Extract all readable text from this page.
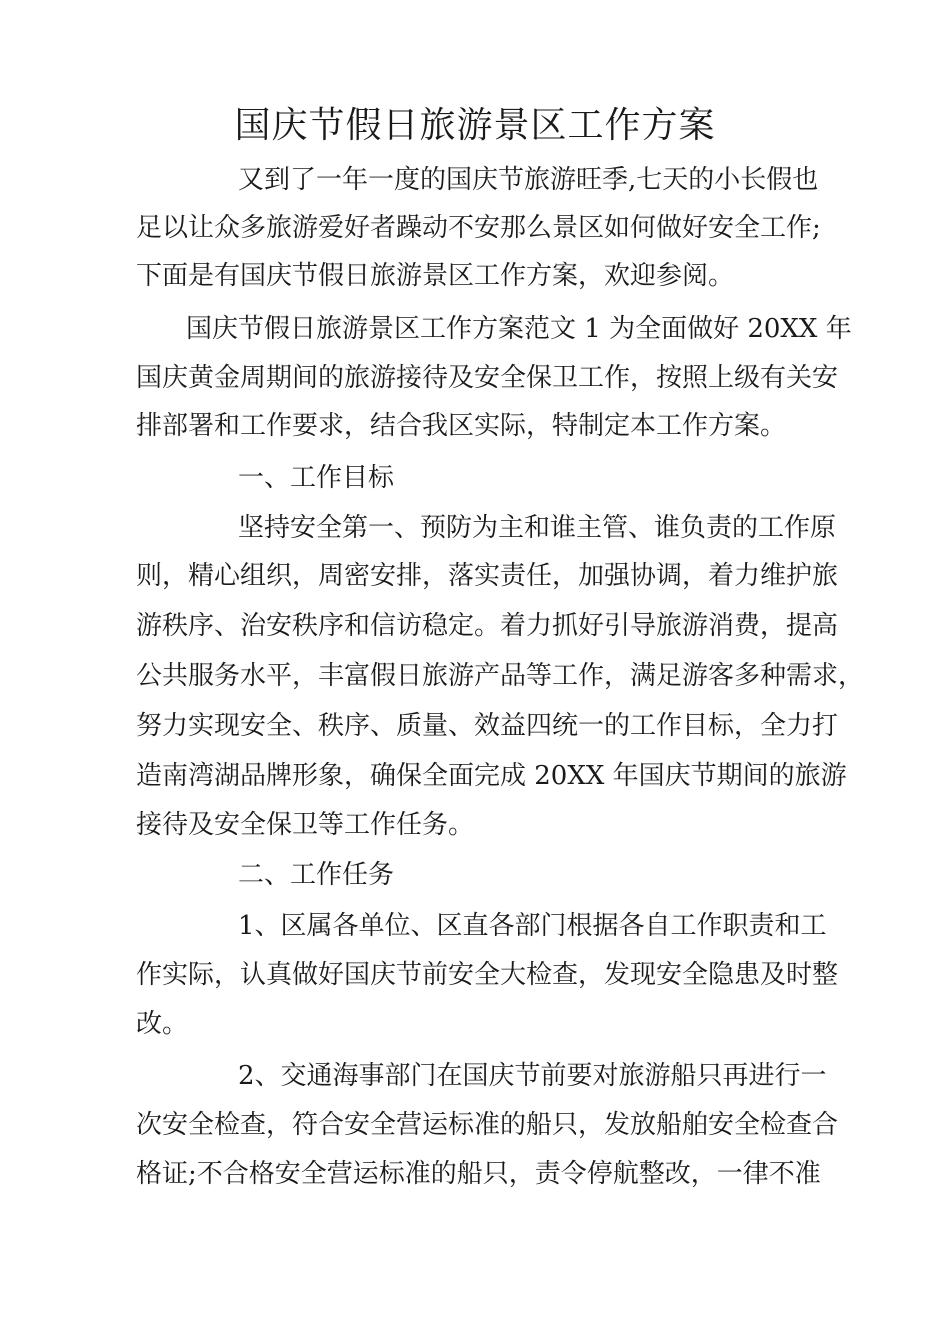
国庆节假日旅游景区工作方案

又到了一年一度的国庆节旅游旺季,七天的小长假也

足以让众多旅游爱好者躁动不安那么景区如何做好安全工作;

下面是有国庆节假日旅游景区工作方案，欢迎参阅。

国庆节假日旅游景区工作方案范文 1 为全面做好 20XX 年

国庆黄金周期间的旅游接待及安全保卫工作，按照上级有关安

排部署和工作要求，结合我区实际，特制定本工作方案。

一、工作目标

坚持安全第一、预防为主和谁主管、谁负责的工作原

则，精心组织，周密安排，落实责任，加强协调，着力维护旅

游秩序、治安秩序和信访稳定。着力抓好引导旅游消费，提高

公共服务水平，丰富假日旅游产品等工作，满足游客多种需求，

努力实现安全、秩序、质量、效益四统一的工作目标，全力打

造南湾湖品牌形象，确保全面完成 20XX 年国庆节期间的旅游

接待及安全保卫等工作任务。

二、工作任务

1、区属各单位、区直各部门根据各自工作职责和工

作实际，认真做好国庆节前安全大检查，发现安全隐患及时整

改。

2、交通海事部门在国庆节前要对旅游船只再进行一

次安全检查，符合安全营运标准的船只，发放船舶安全检查合

格证;不合格安全营运标准的船只，责令停航整改，一律不准
